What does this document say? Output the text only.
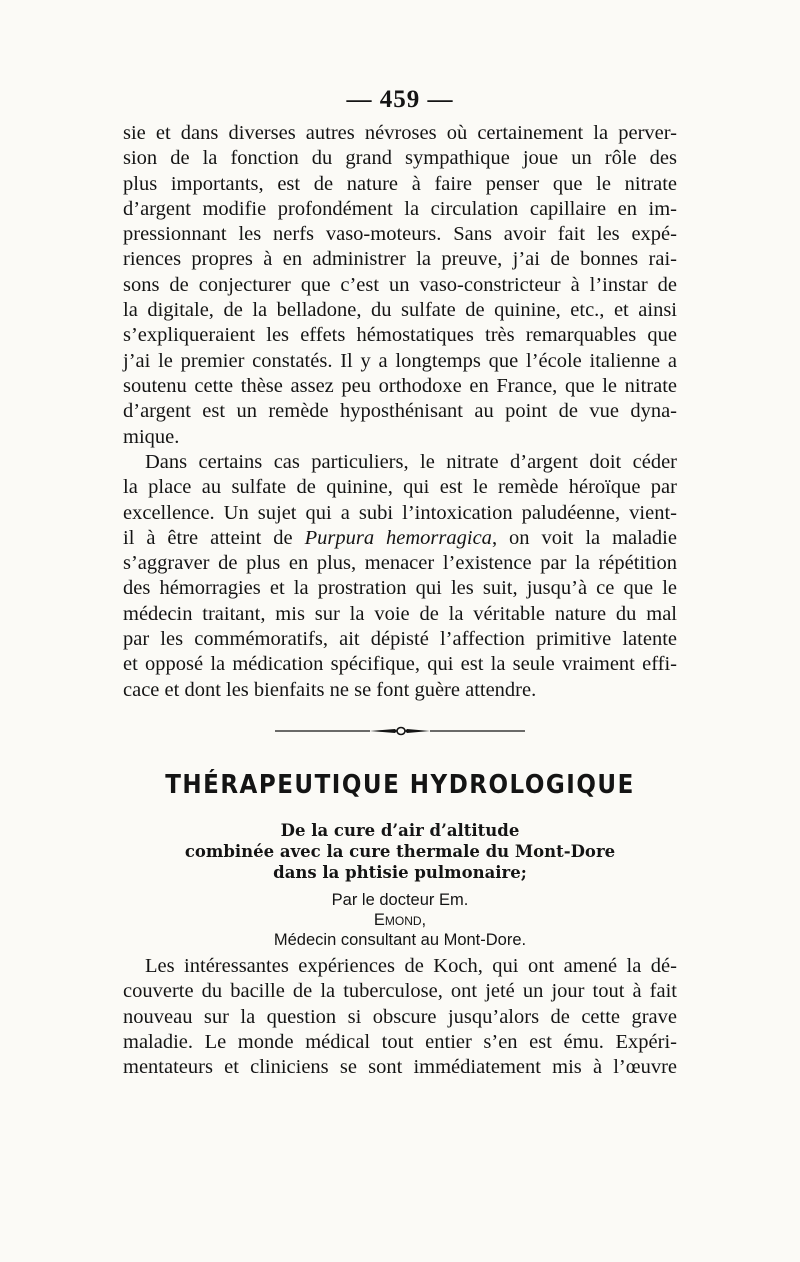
— 459 —
sie et dans diverses autres névroses où certainement la perver-
sion de la fonction du grand sympathique joue un rôle des
plus importants, est de nature à faire penser que le nitrate
d’argent modifie profondément la circulation capillaire en im-
pressionnant les nerfs vaso-moteurs. Sans avoir fait les expé-
riences propres à en administrer la preuve, j’ai de bonnes rai-
sons de conjecturer que c’est un vaso-constricteur à l’instar de
la digitale, de la belladone, du sulfate de quinine, etc., et ainsi
s’expliqueraient les effets hémostatiques très remarquables que
j’ai le premier constatés. Il y a longtemps que l’école italienne a
soutenu cette thèse assez peu orthodoxe en France, que le nitrate
d’argent est un remède hyposthénisant au point de vue dyna-
mique.
Dans certains cas particuliers, le nitrate d’argent doit céder
la place au sulfate de quinine, qui est le remède héroïque par
excellence. Un sujet qui a subi l’intoxication paludéenne, vient-
il à être atteint de Purpura hemorragica, on voit la maladie
s’aggraver de plus en plus, menacer l’existence par la répétition
des hémorragies et la prostration qui les suit, jusqu’à ce que le
médecin traitant, mis sur la voie de la véritable nature du mal
par les commémoratifs, ait dépisté l’affection primitive latente
et opposé la médication spécifique, qui est la seule vraiment effi-
cace et dont les bienfaits ne se font guère attendre.
THÉRAPEUTIQUE HYDROLOGIQUE
De la cure d’air d’altitude
combinée avec la cure thermale du Mont-Dore
dans la phtisie pulmonaire;
Par le docteur Em.
Emond,
Médecin consultant au Mont-Dore.
Les intéressantes expériences de Koch, qui ont amené la dé-
couverte du bacille de la tuberculose, ont jeté un jour tout à fait
nouveau sur la question si obscure jusqu’alors de cette grave
maladie. Le monde médical tout entier s’en est ému. Expéri-
mentateurs et cliniciens se sont immédiatement mis à l’œuvre
